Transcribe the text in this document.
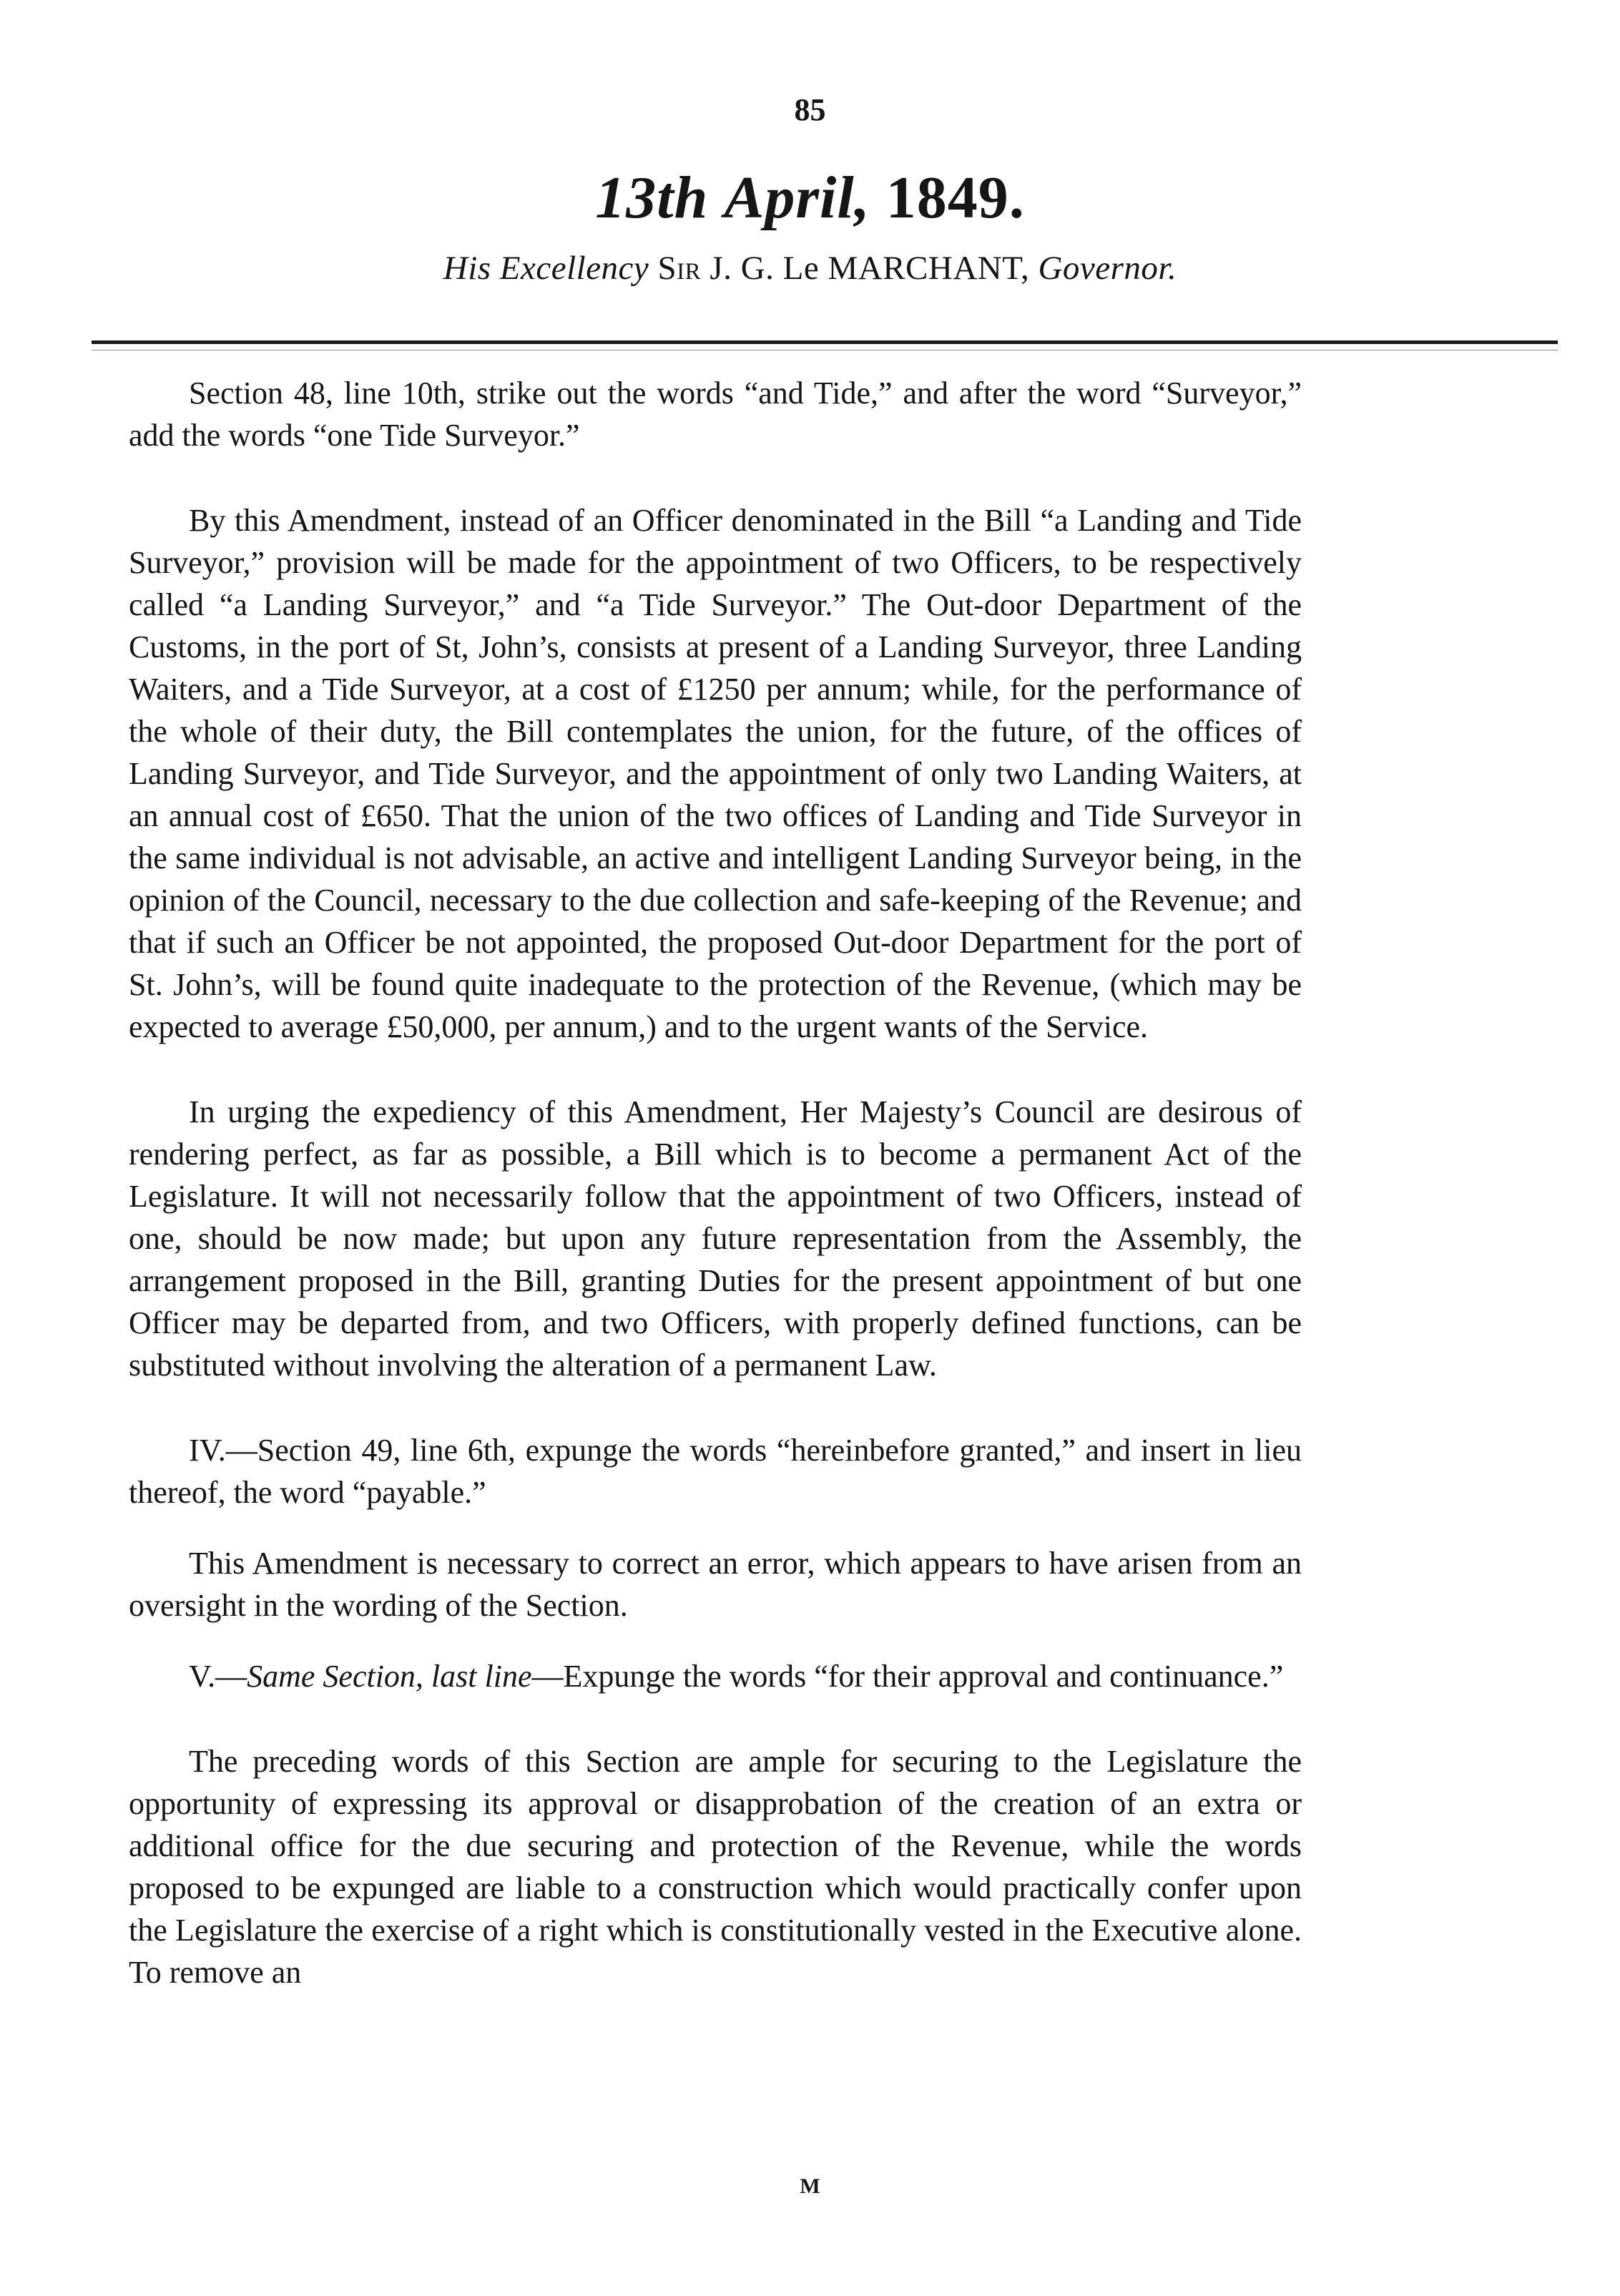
85
13th April, 1849.
His Excellency Sir J. G. Le MARCHANT, Governor.

Section 48, line 10th, strike out the words “and Tide,” and after the word “Surveyor,” add the words “one Tide Surveyor.”

By this Amendment, instead of an Officer denominated in the Bill “a Landing and Tide Surveyor,” provision will be made for the appointment of two Officers, to be respectively called “a Landing Surveyor,” and “a Tide Surveyor.” The Out-door Department of the Customs, in the port of St, John’s, consists at present of a Landing Surveyor, three Landing Waiters, and a Tide Surveyor, at a cost of £1250 per annum; while, for the performance of the whole of their duty, the Bill contemplates the union, for the future, of the offices of Landing Surveyor, and Tide Surveyor, and the appointment of only two Landing Waiters, at an annual cost of £650. That the union of the two offices of Landing and Tide Surveyor in the same individual is not advisable, an active and intelligent Landing Surveyor being, in the opinion of the Council, necessary to the due collection and safe-keeping of the Revenue; and that if such an Officer be not appointed, the proposed Out-door Department for the port of St. John’s, will be found quite inadequate to the protection of the Revenue, (which may be expected to average £50,000, per annum,) and to the urgent wants of the Service.

In urging the expediency of this Amendment, Her Majesty’s Council are desirous of rendering perfect, as far as possible, a Bill which is to become a permanent Act of the Legislature. It will not necessarily follow that the appointment of two Officers, instead of one, should be now made; but upon any future representation from the Assembly, the arrangement proposed in the Bill, granting Duties for the present appointment of but one Officer may be departed from, and two Officers, with properly defined functions, can be substituted without involving the alteration of a permanent Law.

IV.—Section 49, line 6th, expunge the words “hereinbefore granted,” and insert in lieu thereof, the word “payable.”

This Amendment is necessary to correct an error, which appears to have arisen from an oversight in the wording of the Section.

V.—Same Section, last line—Expunge the words “for their approval and continuance.”

The preceding words of this Section are ample for securing to the Legislature the opportunity of expressing its approval or disapprobation of the creation of an extra or additional office for the due securing and protection of the Revenue, while the words proposed to be expunged are liable to a construction which would practically confer upon the Legislature the exercise of a right which is constitutionally vested in the Executive alone. To remove an

M
